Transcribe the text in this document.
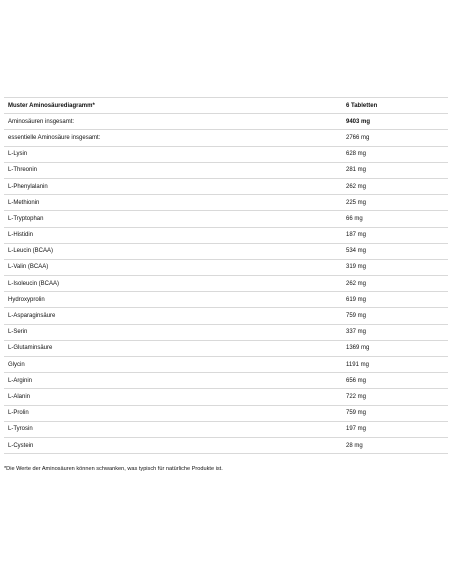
Muster Aminosäurediagramm*	6 Tabletten
Aminosäuren insgesamt:	9403 mg
essentielle Aminosäure insgesamt:	2766 mg
L-Lysin	628 mg
L-Threonin	281 mg
L-Phenylalanin	262 mg
L-Methionin	225 mg
L-Tryptophan	66 mg
L-Histidin	187 mg
L-Leucin (BCAA)	534 mg
L-Valin (BCAA)	319 mg
L-Isoleucin (BCAA)	262 mg
Hydroxyprolin	619 mg
L-Asparaginsäure	759 mg
L-Serin	337 mg
L-Glutaminsäure	1369 mg
Glycin	1191 mg
L-Arginin	656 mg
L-Alanin	722 mg
L-Prolin	759 mg
L-Tyrosin	197 mg
L-Cystein	28 mg
*Die Werte der Aminosäuren können schwanken, was typisch für natürliche Produkte ist.
